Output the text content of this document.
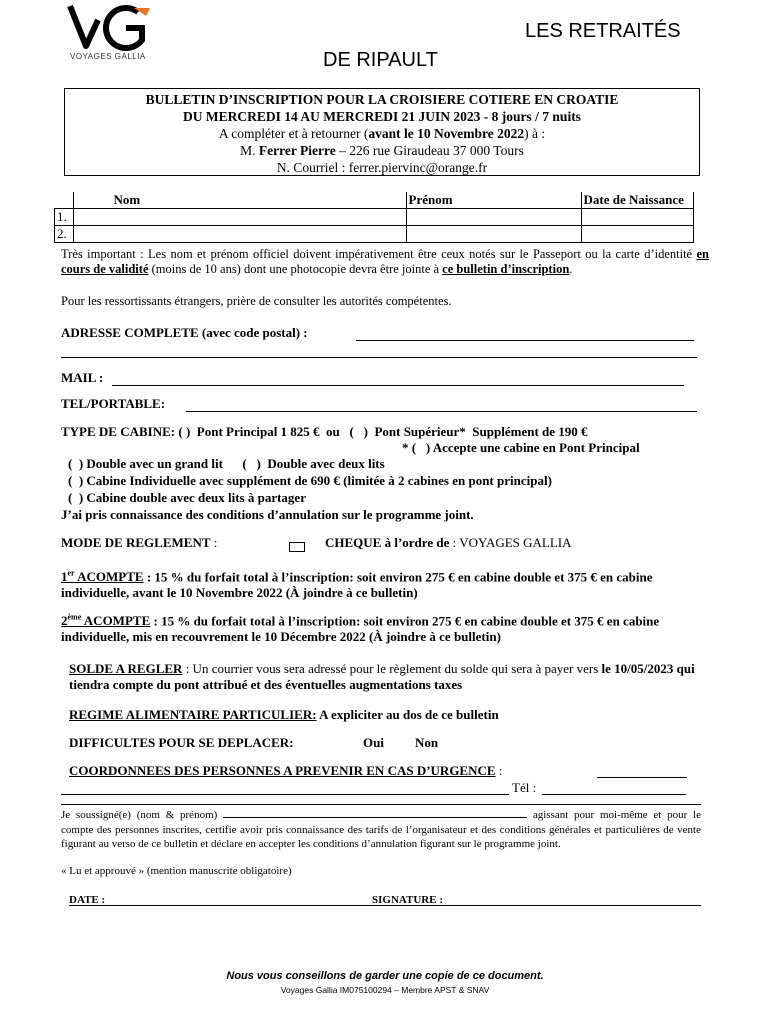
VOYAGES GALLIA
LES RETRAITÉS
DE RIPAULT
BULLETIN D’INSCRIPTION POUR LA CROISIERE COTIERE EN CROATIE
DU MERCREDI 14 AU MERCREDI 21 JUIN 2023 - 8 jours / 7 nuits
A compléter et à retourner (avant le 10 Novembre 2022) à :
M. Ferrer Pierre – 226 rue Giraudeau 37 000 Tours
N. Courriel : ferrer.piervinc@orange.fr
	Nom	Prénom	Date de Naissance
1.			
2.			
Très important : Les nom et prénom officiel doivent impérativement être ceux notés sur le Passeport ou la carte d’identité en cours de validité (moins de 10 ans) dont une photocopie devra être jointe à ce bulletin d’inscription.
Pour les ressortissants étrangers, prière de consulter les autorités compétentes.
ADRESSE COMPLETE (avec code postal) :
MAIL :
TEL/PORTABLE:
TYPE DE CABINE: ( )  Pont Principal 1 825 €  ou   (   )  Pont Supérieur*  Supplément de 190 €
* (   ) Accepte une cabine en Pont Principal
(  ) Double avec un grand lit      (   )  Double avec deux lits
(  ) Cabine Individuelle avec supplément de 690 € (limitée à 2 cabines en pont principal)
(  ) Cabine double avec deux lits à partager
J’ai pris connaissance des conditions d’annulation sur le programme joint.
MODE DE REGLEMENT :	CHEQUE à l’ordre de : VOYAGES GALLIA
1er ACOMPTE : 15 % du forfait total à l’inscription: soit environ 275 € en cabine double et 375 € en cabine individuelle, avant le 10 Novembre 2022 (À joindre à ce bulletin)
2ème ACOMPTE : 15 % du forfait total à l’inscription: soit environ 275 € en cabine double et 375 € en cabine individuelle, mis en recouvrement le 10 Décembre 2022 (À joindre à ce bulletin)
SOLDE A REGLER : Un courrier vous sera adressé pour le règlement du solde qui sera à payer vers le 10/05/2023 qui tiendra compte du pont attribué et des éventuelles augmentations taxes
REGIME ALIMENTAIRE PARTICULIER: A expliciter au dos de ce bulletin
DIFFICULTES POUR SE DEPLACER:	Oui Non
COORDONNEES DES PERSONNES A PREVENIR EN CAS D’URGENCE :
Tél :
Je soussigné(e) (nom & prénom)	agissant pour moi-même et pour le compte des personnes inscrites, certifie avoir pris connaissance des tarifs de l’organisateur et des conditions générales et particulières de vente figurant au verso de ce bulletin et déclare en accepter les conditions d’annulation figurant sur le programme joint.
« Lu et approuvé » (mention manuscrite obligatoire)
DATE :	SIGNATURE :
Nous vous conseillons de garder une copie de ce document.
Voyages Gallia IM075100294 – Membre APST & SNAV
